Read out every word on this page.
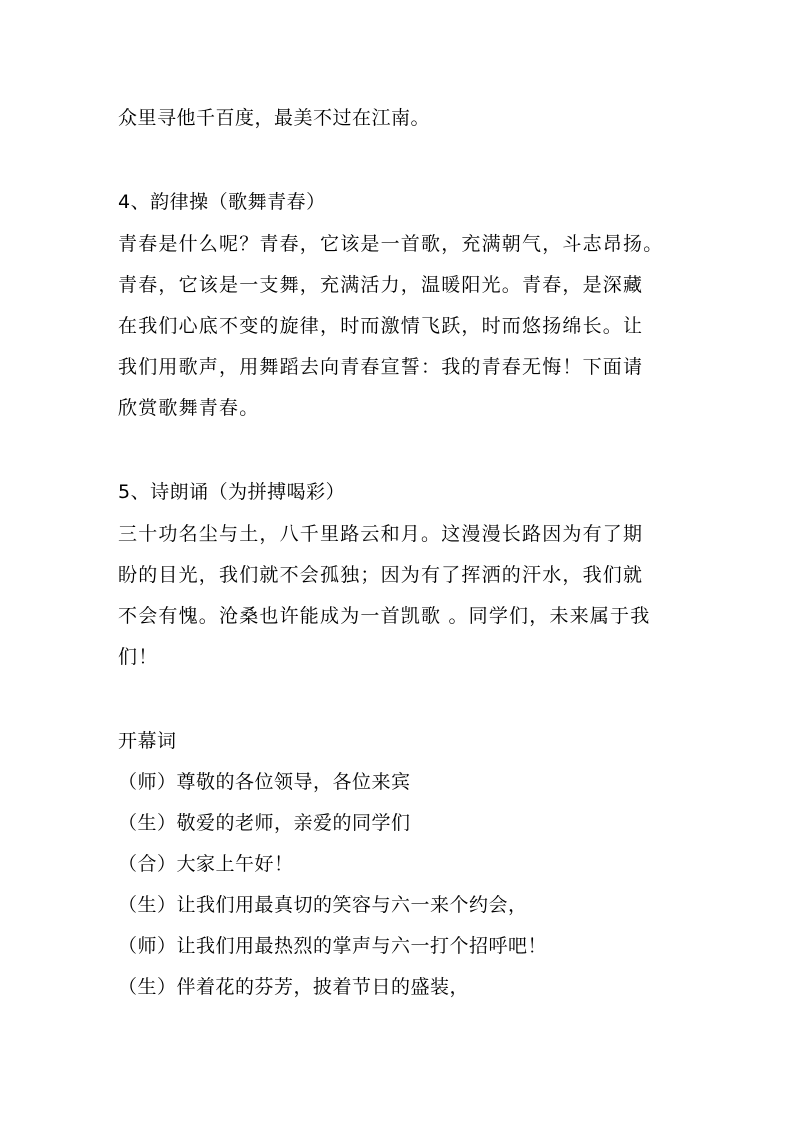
众里寻他千百度，最美不过在江南。
4、韵律操（歌舞青春）
青春是什么呢？青春，它该是一首歌，充满朝气，斗志昂扬。
青春，它该是一支舞，充满活力，温暖阳光。青春，是深藏
在我们心底不变的旋律，时而激情飞跃，时而悠扬绵长。让
我们用歌声，用舞蹈去向青春宣誓：我的青春无悔！下面请
欣赏歌舞青春。
5、诗朗诵（为拼搏喝彩）
三十功名尘与土，八千里路云和月。这漫漫长路因为有了期
盼的目光，我们就不会孤独；因为有了挥洒的汗水，我们就
不会有愧。沧桑也许能成为一首凯歌 。同学们，未来属于我
们！
开幕词
（师）尊敬的各位领导，各位来宾
（生）敬爱的老师，亲爱的同学们
（合）大家上午好！
（生）让我们用最真切的笑容与六一来个约会，
（师）让我们用最热烈的掌声与六一打个招呼吧！
（生）伴着花的芬芳，披着节日的盛装，
